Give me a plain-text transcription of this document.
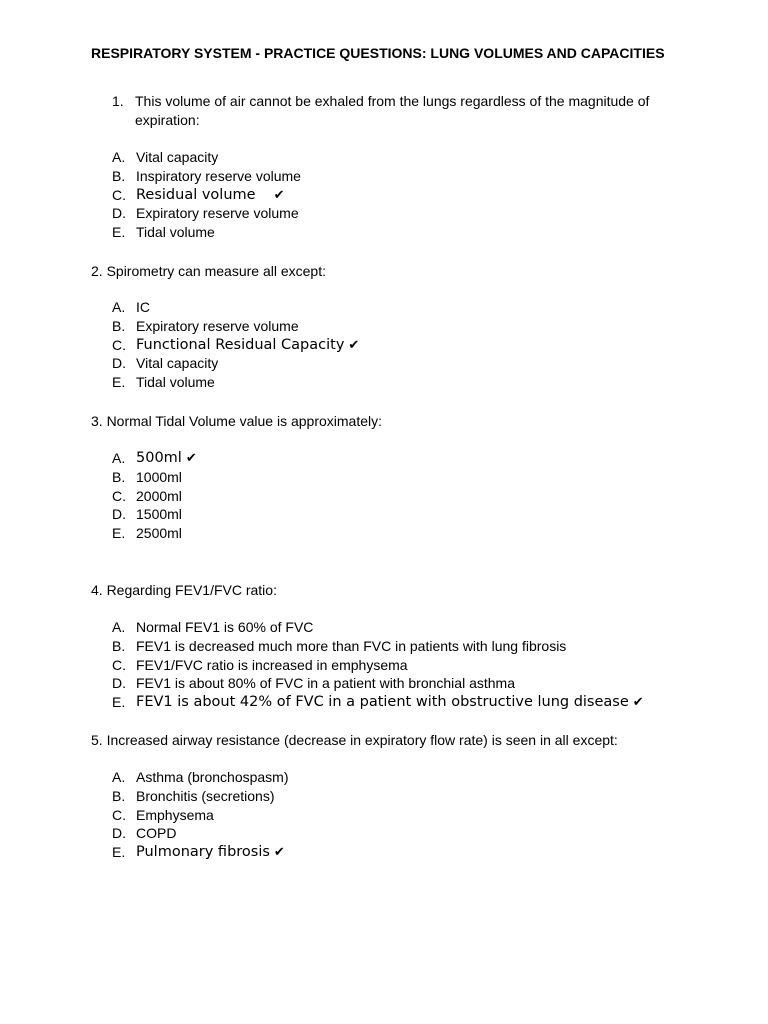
RESPIRATORY SYSTEM - PRACTICE QUESTIONS: LUNG VOLUMES AND CAPACITIES
1. This volume of air cannot be exhaled from the lungs regardless of the magnitude of expiration:
A. Vital capacity
B. Inspiratory reserve volume
C. Residual volume ✔
D. Expiratory reserve volume
E. Tidal volume
2. Spirometry can measure all except:
A. IC
B. Expiratory reserve volume
C. Functional Residual Capacity ✔
D. Vital capacity
E. Tidal volume
3. Normal Tidal Volume value is approximately:
A. 500ml ✔
B. 1000ml
C. 2000ml
D. 1500ml
E. 2500ml
4. Regarding FEV1/FVC ratio:
A. Normal FEV1 is 60% of FVC
B. FEV1 is decreased much more than FVC in patients with lung fibrosis
C. FEV1/FVC ratio is increased in emphysema
D. FEV1 is about 80% of FVC in a patient with bronchial asthma
E. FEV1 is about 42% of FVC in a patient with obstructive lung disease ✔
5. Increased airway resistance (decrease in expiratory flow rate) is seen in all except:
A. Asthma (bronchospasm)
B. Bronchitis (secretions)
C. Emphysema
D. COPD
E. Pulmonary fibrosis ✔
